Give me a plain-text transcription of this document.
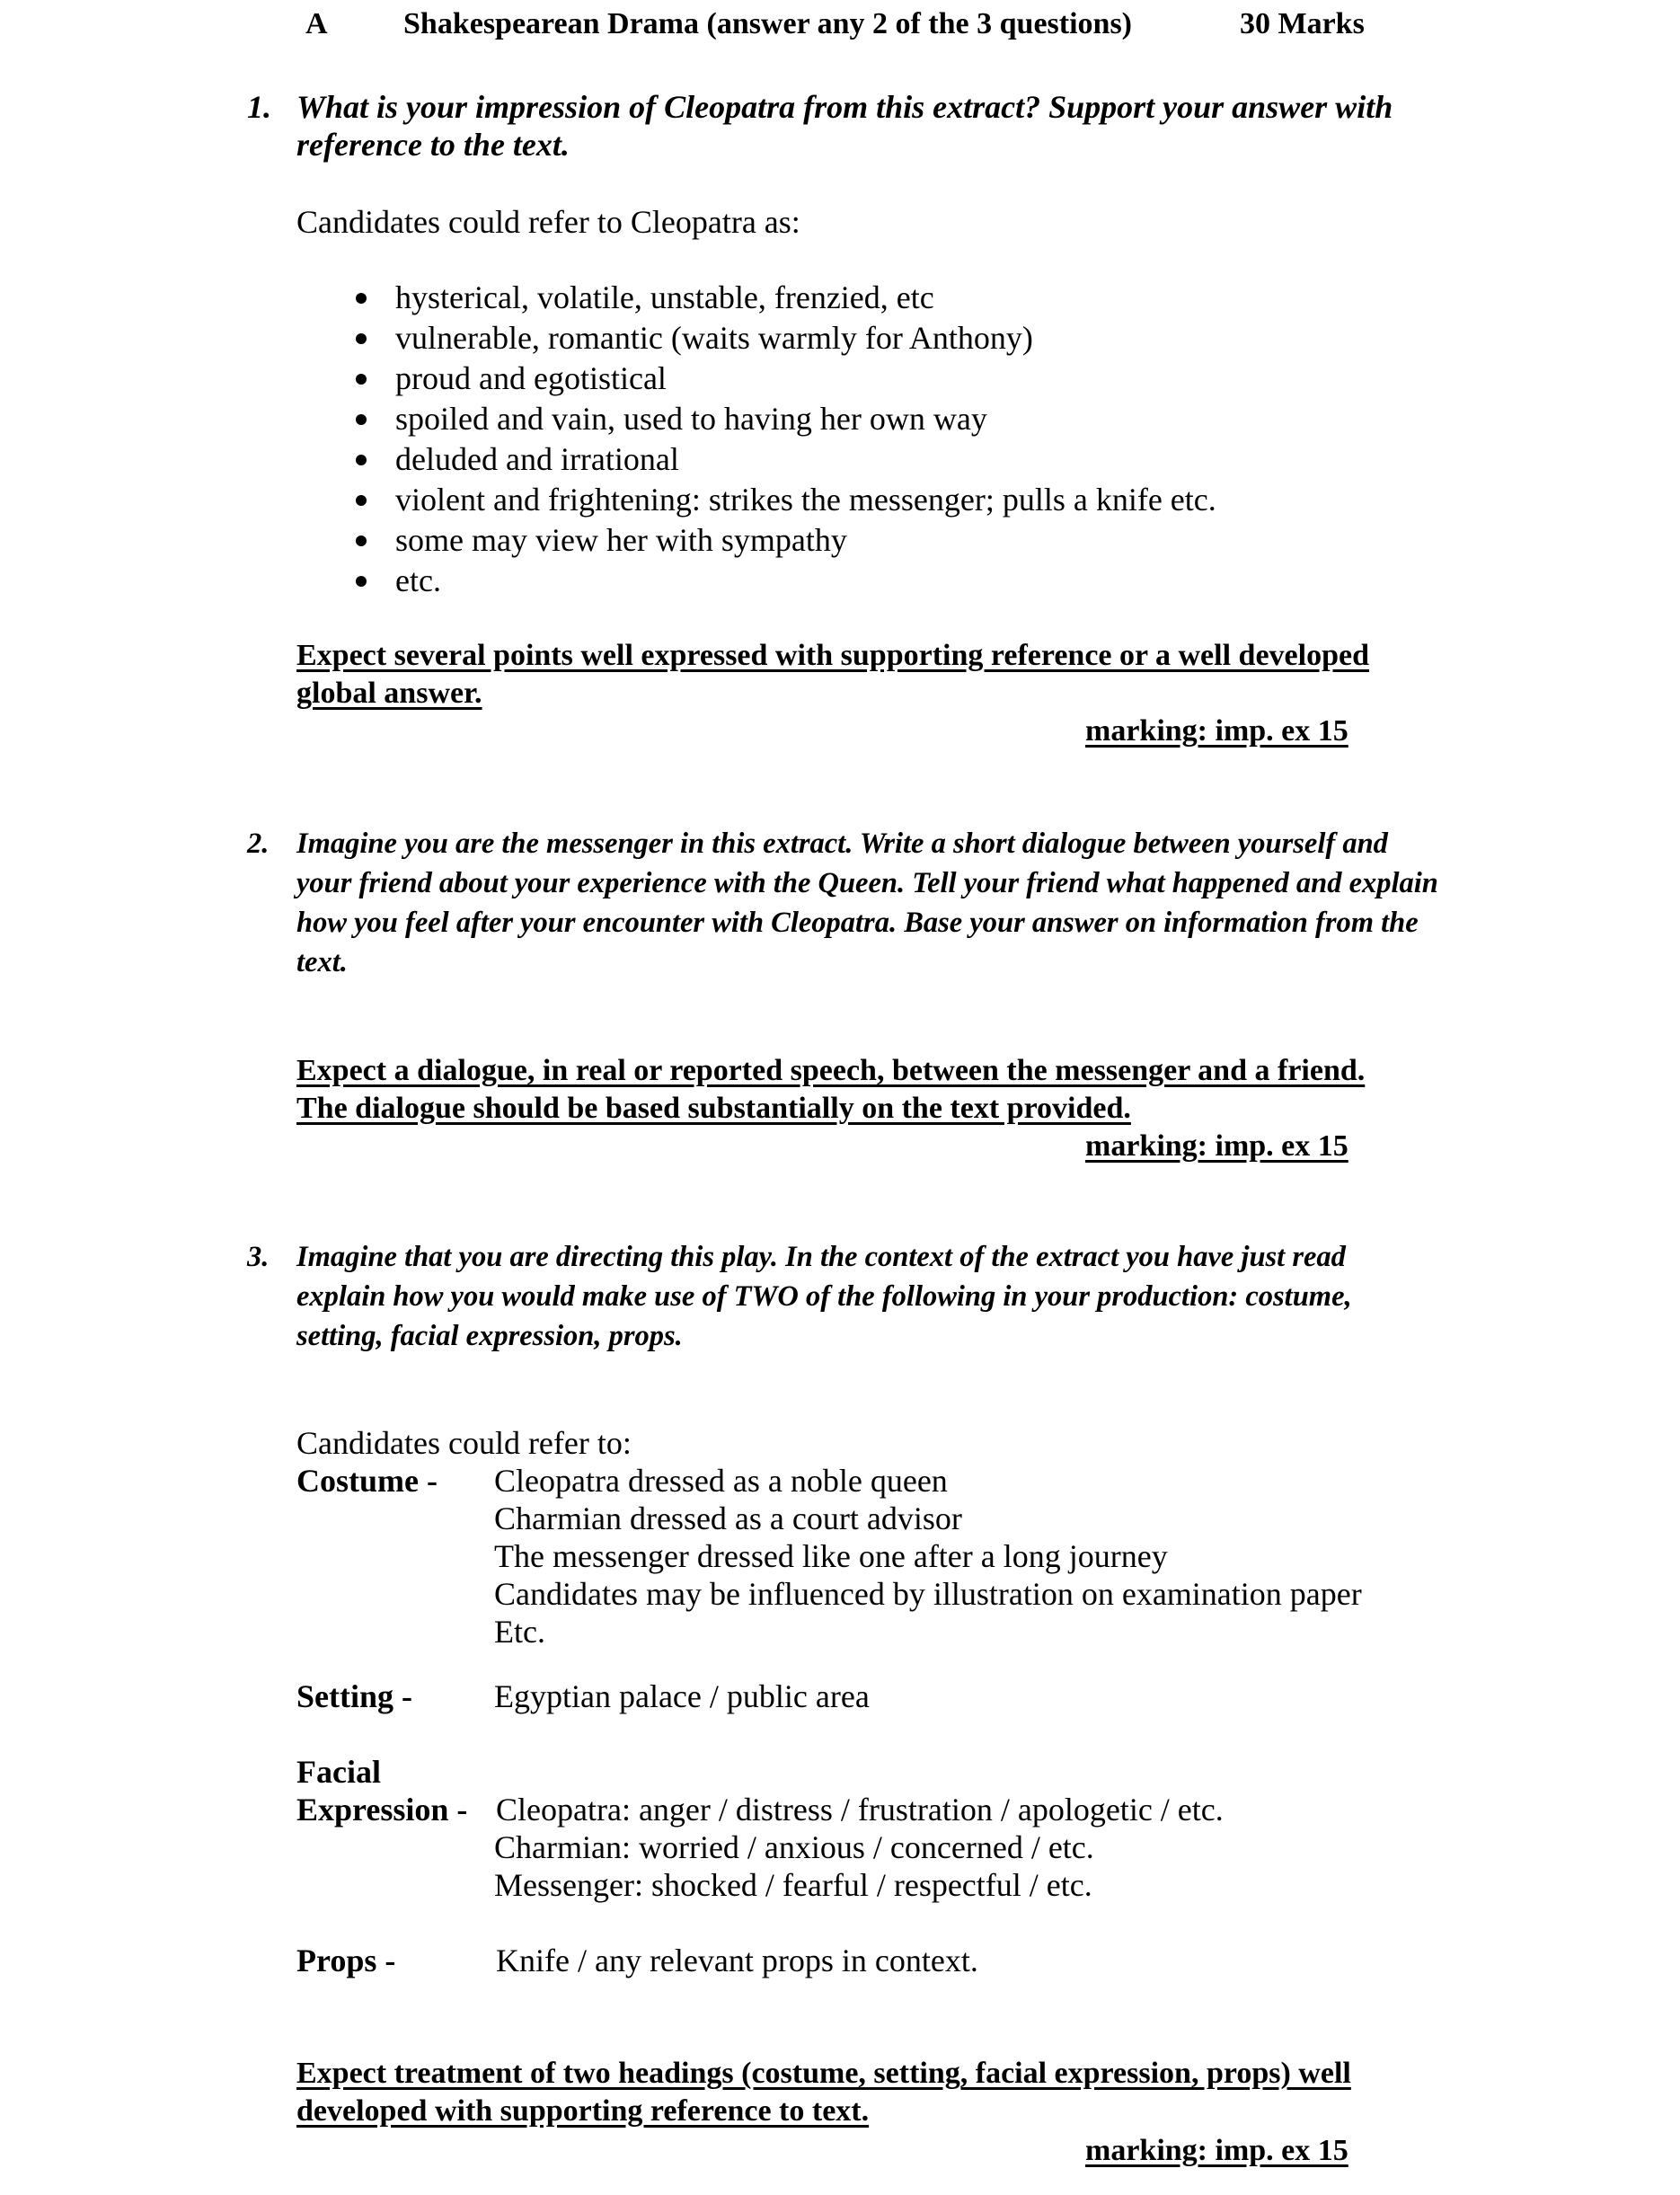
A Shakespearean Drama (answer any 2 of the 3 questions)	30 Marks
1. What is your impression of Cleopatra from this extract? Support your answer with
reference to the text.
Candidates could refer to Cleopatra as:
hysterical, volatile, unstable, frenzied, etc
vulnerable, romantic (waits warmly for Anthony)
proud and egotistical
spoiled and vain, used to having her own way
deluded and irrational
violent and frightening: strikes the messenger; pulls a knife etc.
some may view her with sympathy
etc.
Expect several points well expressed with supporting reference or a well developed
global answer.
marking: imp. ex 15
2. Imagine you are the messenger in this extract. Write a short dialogue between yourself and
your friend about your experience with the Queen. Tell your friend what happened and explain
how you feel after your encounter with Cleopatra. Base your answer on information from the
text.
Expect a dialogue, in real or reported speech, between the messenger and a friend.
The dialogue should be based substantially on the text provided.
marking: imp. ex 15
3. Imagine that you are directing this play. In the context of the extract you have just read
explain how you would make use of TWO of the following in your production: costume,
setting, facial expression, props.
Candidates could refer to:
Costume - Cleopatra dressed as a noble queen
Charmian dressed as a court advisor
The messenger dressed like one after a long journey
Candidates may be influenced by illustration on examination paper
Etc.
Setting -	Egyptian palace / public area
Facial
Expression - Cleopatra: anger / distress / frustration / apologetic / etc.
Charmian: worried / anxious / concerned / etc.
Messenger: shocked / fearful / respectful / etc.
Props -	Knife / any relevant props in context.
Expect treatment of two headings (costume, setting, facial expression, props) well
developed with supporting reference to text.
marking: imp. ex 15
